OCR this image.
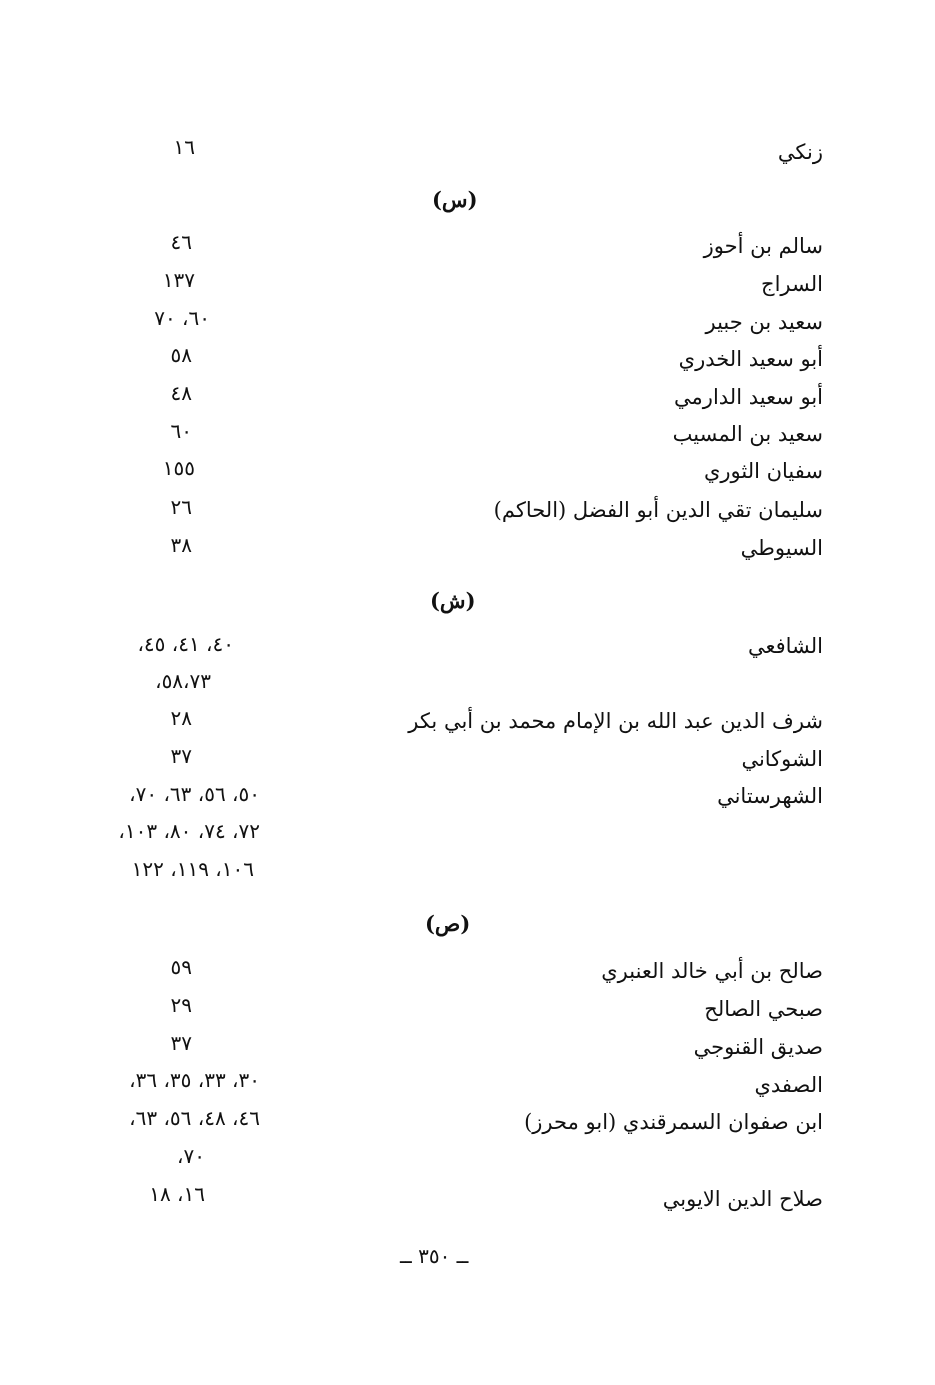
زنكي
١٦
(س)
سالم بن أحوز
٤٦
السراج
١٣٧
سعيد بن جبير
٦٠، ٧٠
أبو سعيد الخدري
٥٨
أبو سعيد الدارمي
٤٨
سعيد بن المسيب
٦٠
سفيان الثوري
١٥٥
سليمان تقي الدين أبو الفضل (الحاكم)
٢٦
السيوطي
٣٨
(ش)
الشافعي
٤٠، ٤١، ٤٥،
٥٨،٧٣،
شرف الدين عبد الله بن الإمام محمد بن أبي بكر
٢٨
الشوكاني
٣٧
الشهرستاني
٥٠، ٥٦، ٦٣، ٧٠،
٧٢، ٧٤، ٨٠، ١٠٣،
١٠٦، ١١٩، ١٢٢
(ص)
صالح بن أبي خالد العنبري
٥٩
صبحي الصالح
٢٩
صديق القنوجي
٣٧
الصفدي
٣٠، ٣٣، ٣٥، ٣٦،
ابن صفوان السمرقندي (ابو محرز)
٤٦، ٤٨، ٥٦، ٦٣،
٧٠،
صلاح الدين الايوبي
١٦، ١٨
ــ ٣٥٠ ــ
